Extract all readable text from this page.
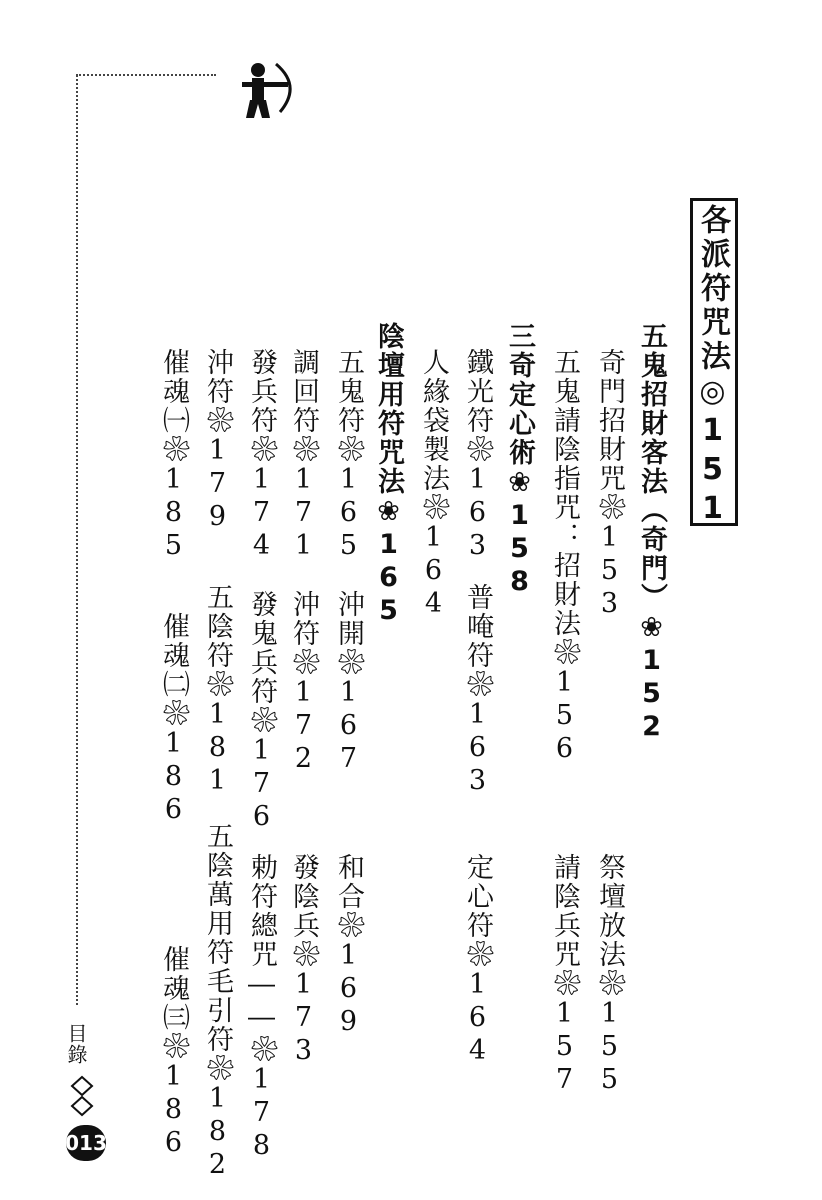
各派符咒法◎151
五鬼招財客法（奇門）❀152
奇門招財咒❀153
祭壇放法❀155
五鬼請陰指咒：招財法❀156
請陰兵咒❀157
三奇定心術❀158
鐵光符❀163
普唵符❀163
定心符❀164
人緣袋製法❀164
陰壇用符咒法❀165
五鬼符❀165
沖開❀167
和合❀169
調回符❀171
沖符❀172
發陰兵❀173
發兵符❀174
發鬼兵符❀176
勅符總咒――❀178
沖符❀179
五陰符❀181
五陰萬用符毛引符❀182
催魂㈠❀185
催魂㈡❀186
催魂㈢❀186
目錄
013
